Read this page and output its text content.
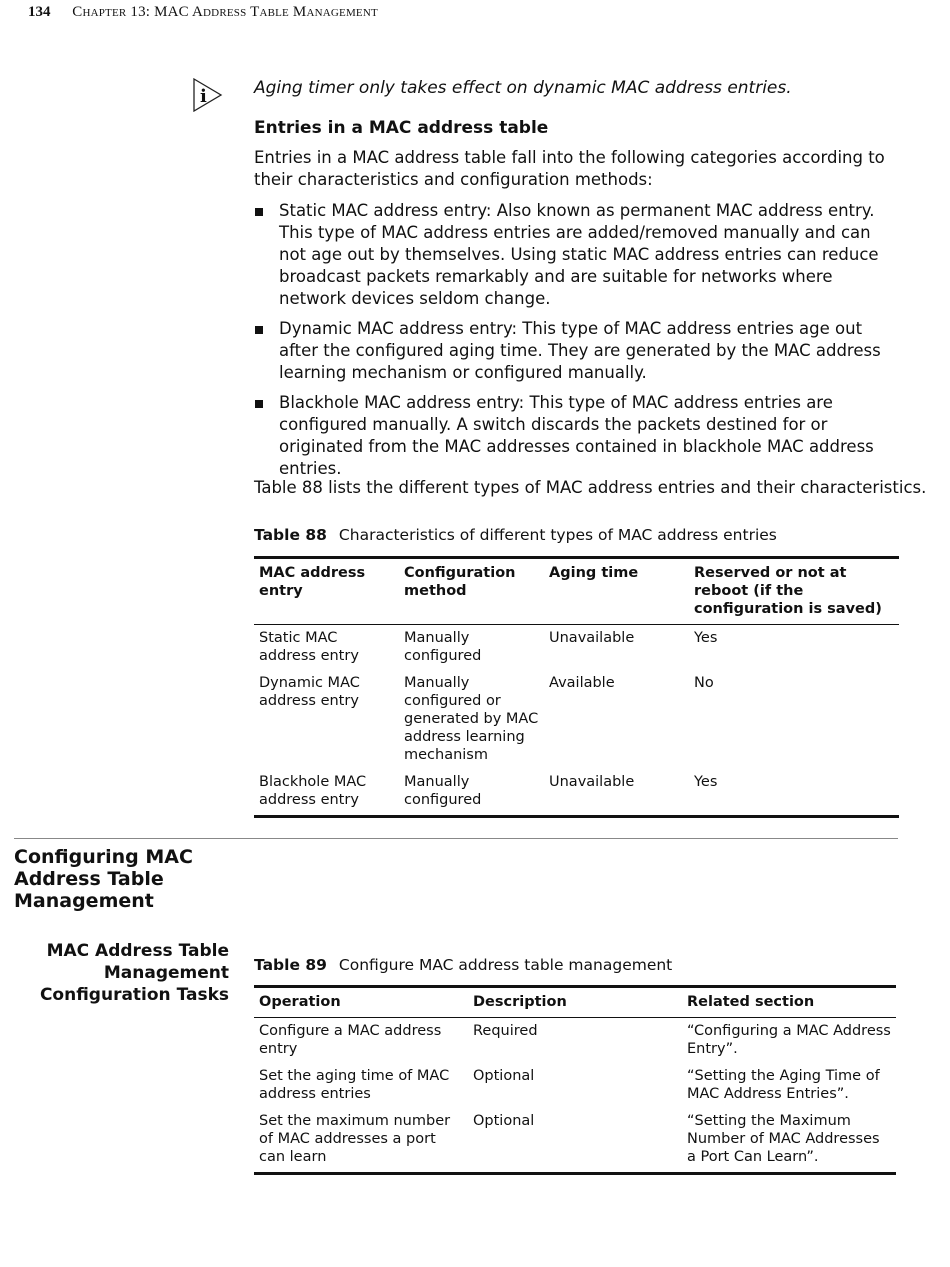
134 Chapter 13: MAC Address Table Management
i	Aging timer only takes effect on dynamic MAC address entries.
Entries in a MAC address table
Entries in a MAC address table fall into the following categories according to their characteristics and configuration methods:
Static MAC address entry: Also known as permanent MAC address entry. This type of MAC address entries are added/removed manually and can not age out by themselves. Using static MAC address entries can reduce broadcast packets remarkably and are suitable for networks where network devices seldom change.
Dynamic MAC address entry: This type of MAC address entries age out after the configured aging time. They are generated by the MAC address learning mechanism or configured manually.
Blackhole MAC address entry: This type of MAC address entries are configured manually. A switch discards the packets destined for or originated from the MAC addresses contained in blackhole MAC address entries.
Table 88 lists the different types of MAC address entries and their characteristics.
Table 88 Characteristics of different types of MAC address entries
MAC address entry	Configuration method	Aging time	Reserved or not at reboot (if the configuration is saved)
Static MAC address entry	Manually configured	Unavailable	Yes
Dynamic MAC address entry	Manually configured or generated by MAC address learning mechanism	Available	No
Blackhole MAC address entry	Manually configured	Unavailable	Yes
Configuring MAC Address Table Management
MAC Address Table Management Configuration Tasks
Table 89 Configure MAC address table management
Operation	Description	Related section
Configure a MAC address entry	Required	“Configuring a MAC Address Entry”.
Set the aging time of MAC address entries	Optional	“Setting the Aging Time of MAC Address Entries”.
Set the maximum number of MAC addresses a port can learn	Optional	“Setting the Maximum Number of MAC Addresses a Port Can Learn”.
